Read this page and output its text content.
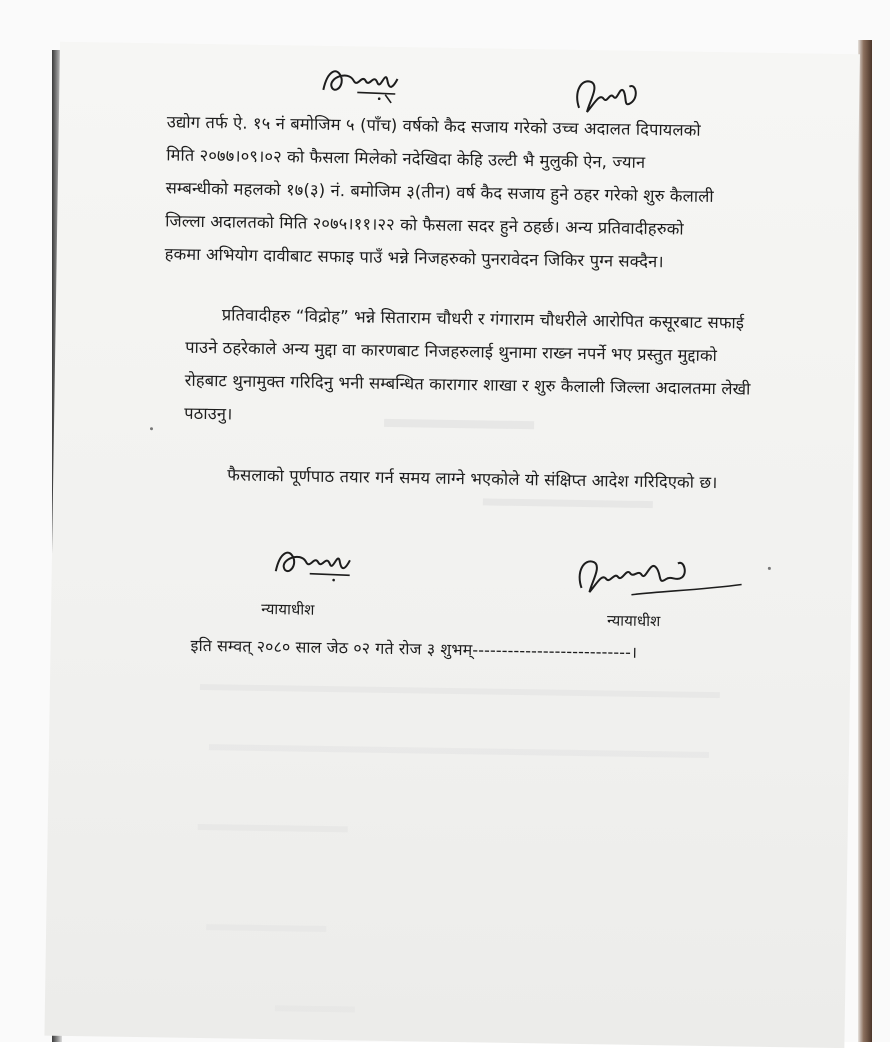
उद्योग तर्फ ऐ. १५ नं बमोजिम ५ (पाँच) वर्षको कैद सजाय गरेको उच्च अदालत दिपायलको
मिति २०७७।०९।०२ को फैसला मिलेको नदेखिदा केहि उल्टी भै मुलुकी ऐन, ज्यान
सम्बन्धीको महलको १७(३) नं. बमोजिम ३(तीन) वर्ष कैद सजाय हुने ठहर गरेको शुरु कैलाली
जिल्ला अदालतको मिति २०७५।११।२२ को फैसला सदर हुने ठहर्छ। अन्य प्रतिवादीहरुको
हकमा अभियोग दावीबाट सफाइ पाउँ भन्ने निजहरुको पुनरावेदन जिकिर पुग्न सक्दैन।
प्रतिवादीहरु “विद्रोह” भन्ने सिताराम चौधरी र गंगाराम चौधरीले आरोपित कसूरबाट सफाई
पाउने ठहरेकाले अन्य मुद्दा वा कारणबाट निजहरुलाई थुनामा राख्न नपर्ने भए प्रस्तुत मुद्दाको
रोहबाट थुनामुक्त गरिदिनु भनी सम्बन्धित कारागार शाखा र शुरु कैलाली जिल्ला अदालतमा लेखी
पठाउनु।
फैसलाको पूर्णपाठ तयार गर्न समय लाग्ने भएकोले यो संक्षिप्त आदेश गरिदिएको छ।
न्यायाधीश
न्यायाधीश
इति सम्वत् २०८० साल जेठ ०२ गते रोज ३ शुभम्---------------------------।
